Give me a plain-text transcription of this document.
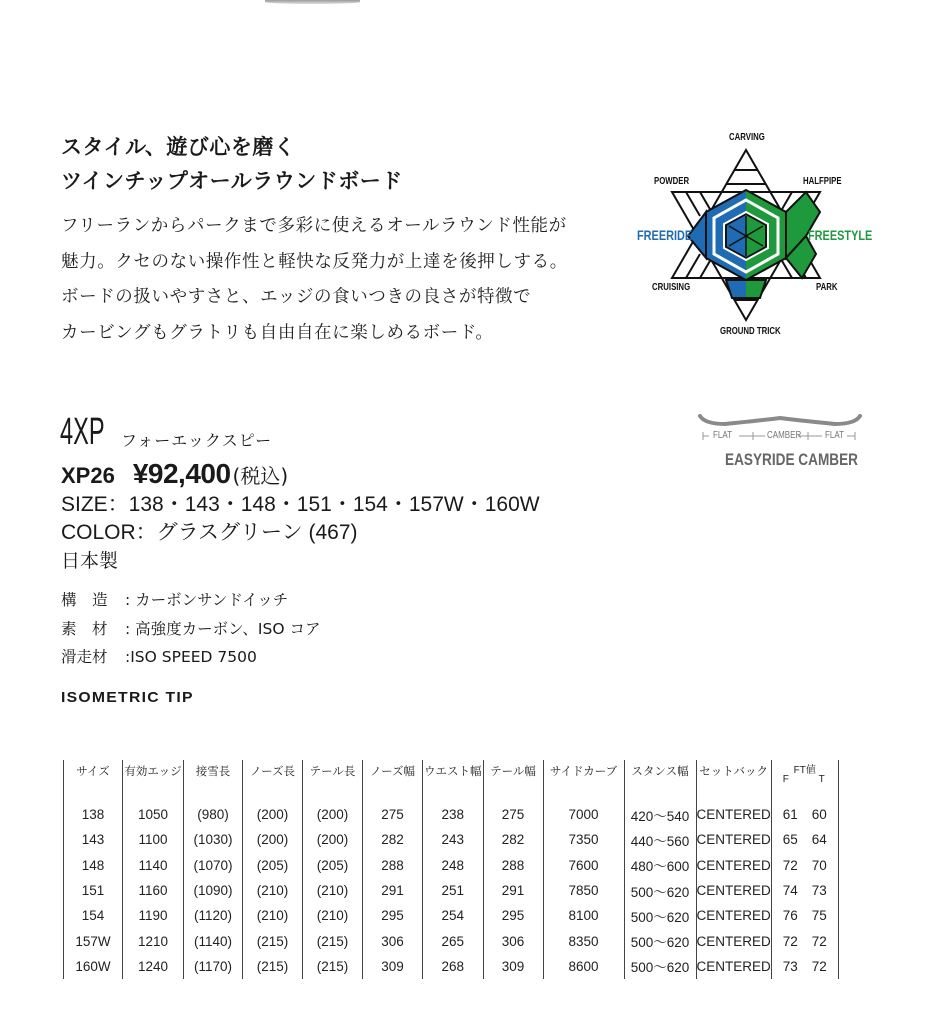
スタイル、遊び心を磨く
ツインチップオールラウンドボード
フリーランからパークまで多彩に使えるオールラウンド性能が
魅力。クセのない操作性と軽快な反発力が上達を後押しする。
ボードの扱いやすさと、エッジの食いつきの良さが特徴で
カービングもグラトリも自由自在に楽しめるボード。
CARVING
POWDER	HALFPIPE
FREERIDE	FREESTYLE
CRUISING	PARK
GROUND TRICK
4XP フォーエックスピー
XP26 ¥92,400 (税込)
SIZE：138・143・148・151・154・157W・160W
COLOR：グラスグリーン (467)
日本製
構　造 : カーボンサンドイッチ
素　材 : 高強度カーボン、ISO コア
滑走材 :ISO SPEED 7500
ISOMETRIC TIP
FLAT	CAMBER FLAT
EASYRIDE CAMBER
サイズ	有効エッジ	接雪長	ノーズ長	テール長	ノーズ幅	ウエスト幅	テール幅	サイドカーブ	スタンス幅	セットバック	FT値
F T

138	1050	(980)	(200)	(200)	275	238	275	7000	420～540	CENTERED	61 60

143	1100	(1030)	(200)	(200)	282	243	282	7350	440～560	CENTERED	65 64

148	1140	(1070)	(205)	(205)	288	248	288	7600	480～600	CENTERED	72 70

151	1160	(1090)	(210)	(210)	291	251	291	7850	500～620	CENTERED	74 73

154	1190	(1120)	(210)	(210)	295	254	295	8100	500～620	CENTERED	76 75

157W	1210	(1140)	(215)	(215)	306	265	306	8350	500～620	CENTERED	72 72

160W	1240	(1170)	(215)	(215)	309	268	309	8600	500～620	CENTERED	73 72
